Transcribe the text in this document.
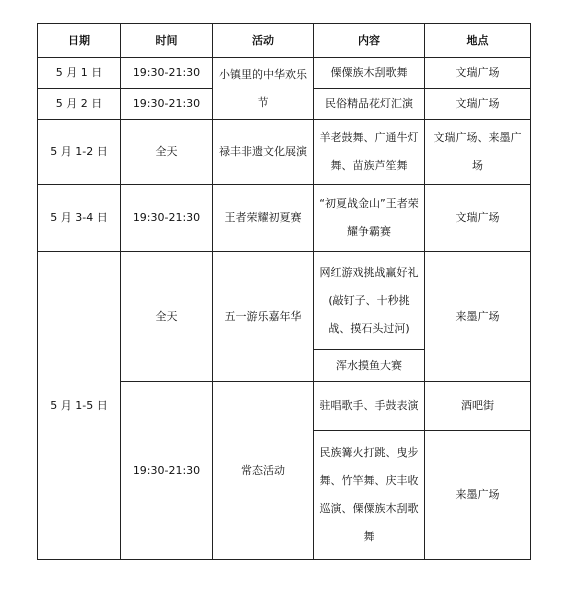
日期	时间	活动	内容	地点
5 月 1 日	19:30-21:30	小镇里的中华欢乐节	傈僳族木刮歌舞	文瑞广场
5 月 2 日	19:30-21:30		民俗精品花灯汇演	文瑞广场
5 月 1-2 日	全天	禄丰非遗文化展演	羊老鼓舞、广通牛灯舞、苗族芦笙舞	文瑞广场、来墨广场
5 月 3-4 日	19:30-21:30	王者荣耀初夏赛	“初夏战金山”王者荣耀争霸赛	文瑞广场
5 月 1-5 日	全天	五一游乐嘉年华	网红游戏挑战赢好礼(敲钉子、十秒挑战、摸石头过河)	来墨广场
			浑水摸鱼大赛	
	19:30-21:30	常态活动	驻唱歌手、手鼓表演	酒吧街
			民族篝火打跳、曳步舞、竹竿舞、庆丰收巡演、傈僳族木刮歌舞	来墨广场
